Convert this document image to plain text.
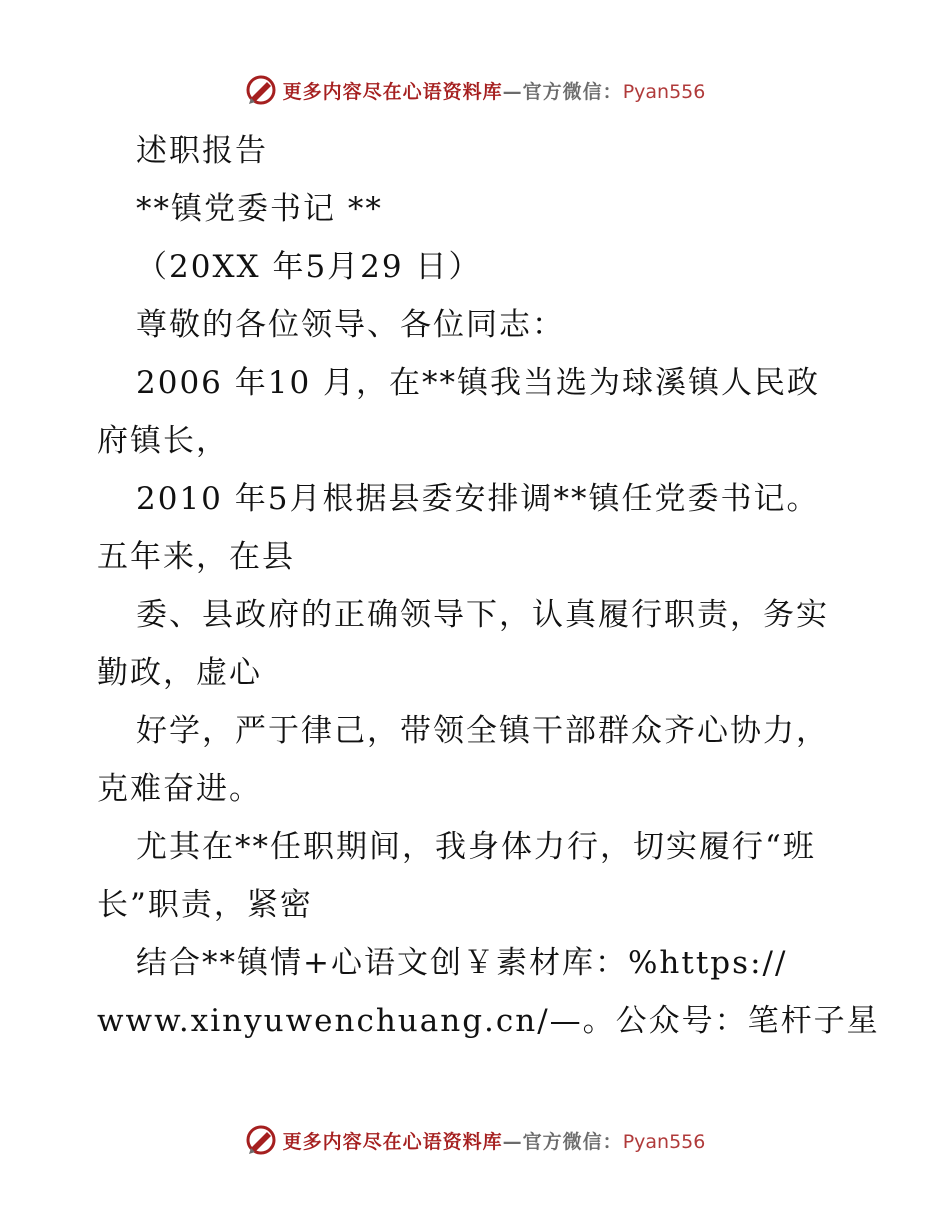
更多内容尽在心语资料库—官方微信：Pyan556
述职报告
**镇党委书记 **
（20XX 年5月29 日）
尊敬的各位领导、各位同志：
2006 年10 月，在**镇我当选为球溪镇人民政
府镇长，
2010 年5月根据县委安排调**镇任党委书记。
五年来，在县
委、县政府的正确领导下，认真履行职责，务实
勤政，虚心
好学，严于律己，带领全镇干部群众齐心协力，
克难奋进。
尤其在**任职期间，我身体力行，切实履行“班
长”职责，紧密
结合**镇情+心语文创￥素材库：%https://
www.xinyuwenchuang.cn/—。公众号：笔杆子星
更多内容尽在心语资料库—官方微信：Pyan556
